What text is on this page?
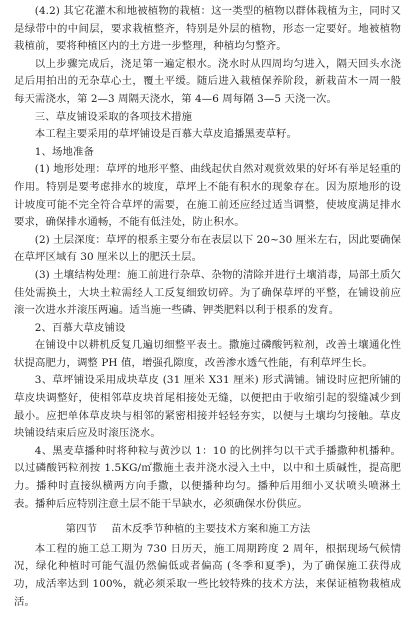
(4.2) 其它花灌木和地被植物的栽植：这一类型的植物以群体栽植为主，同时又是绿带中的中间层，要求栽植整齐，特别是外层的植物，形态一定要好。地被植物栽植前，要将种植区内的土方进一步整理，种植均匀整齐。

以上步骤完成后，浇足第一遍定根水。浇水时从四周均匀进入，隔天回头水浇足后用拍出的无杂草心土，覆土平缓。随后进入栽植保养阶段，新栽苗木一周一般每天需浇水，第 2—3 周隔天浇水，第 4—6 周每隔 3—5 天浇一次。

三、草皮铺设采取的各项技术措施

本工程主要采用的草坪铺设是百慕大草皮追播黑麦草籽。

1、场地准备

(1) 地形处理：草坪的地形平整、曲线起伏自然对观赏效果的好坏有举足轻重的作用。特别是要考虑排水的坡度，草坪上不能有积水的现象存在。因为原地形的设计坡度可能不完全符合草坪的需要，在施工前还应经过适当调整，使坡度满足排水要求，确保排水通畅，不能有低洼处，防止积水。

(2) 土层深度：草坪的根系主要分布在表层以下 20~30 厘米左右，因此要确保在草坪区域有 30 厘米以上的肥沃土层。

(3) 土壤结构处理：施工前进行杂草、杂物的清除并进行土壤消毒，局部土质欠佳处需换土，大块土粒需经人工反复细致切碎。为了确保草坪的平整，在铺设前应滚一次进水并滚压两遍。适当施一些磷、钾类肥料以利于根系的发育。

2、百慕大草皮铺设

在铺设中以耕机反复几遍切细整平表土。撒施过磷酸钙粒剂，改善土壤通化性状提高肥力，调整 PH 值，增强孔隙度，改善渗水透气性能，有利草坪生长。

3、草坪铺设采用成块草皮 (31 厘米 X31 厘米) 形式满铺。铺设时应把所铺的草皮块调整好，使相邻草皮块首尾相接处无缝，以便把由于收缩引起的裂缝减少到最小。应把单体草皮块与相邻的紧密相接并轻轻夯实，以便与土壤均匀接触。草皮块铺设结束后应及时滚压浇水。

4、黑麦草播种时将种粒与黄沙以 1：10 的比例拌匀以干式手播撒种机播种。以过磷酸钙粒剂按 1.5KG/㎡撒施土表并浇水浸入土中，以中和土质碱性，提高肥力。播种时直接纵横两方向手撒，以便播种均匀。播种后用细小叉状喷头喷淋土表。播种后应特别注意土层不能干旱缺水，必须确保水份供应。

第四节 苗木反季节种植的主要技术方案和施工方法

本工程的施工总工期为 730 日历天，施工周期跨度 2 周年，根据现场气候情况，绿化种植时可能气温仍然偏低或者偏高 (冬季和夏季)，为了确保施工获得成功，成活率达到 100%，就必须采取一些比较特殊的技术方法，来保证植物栽植成活。
